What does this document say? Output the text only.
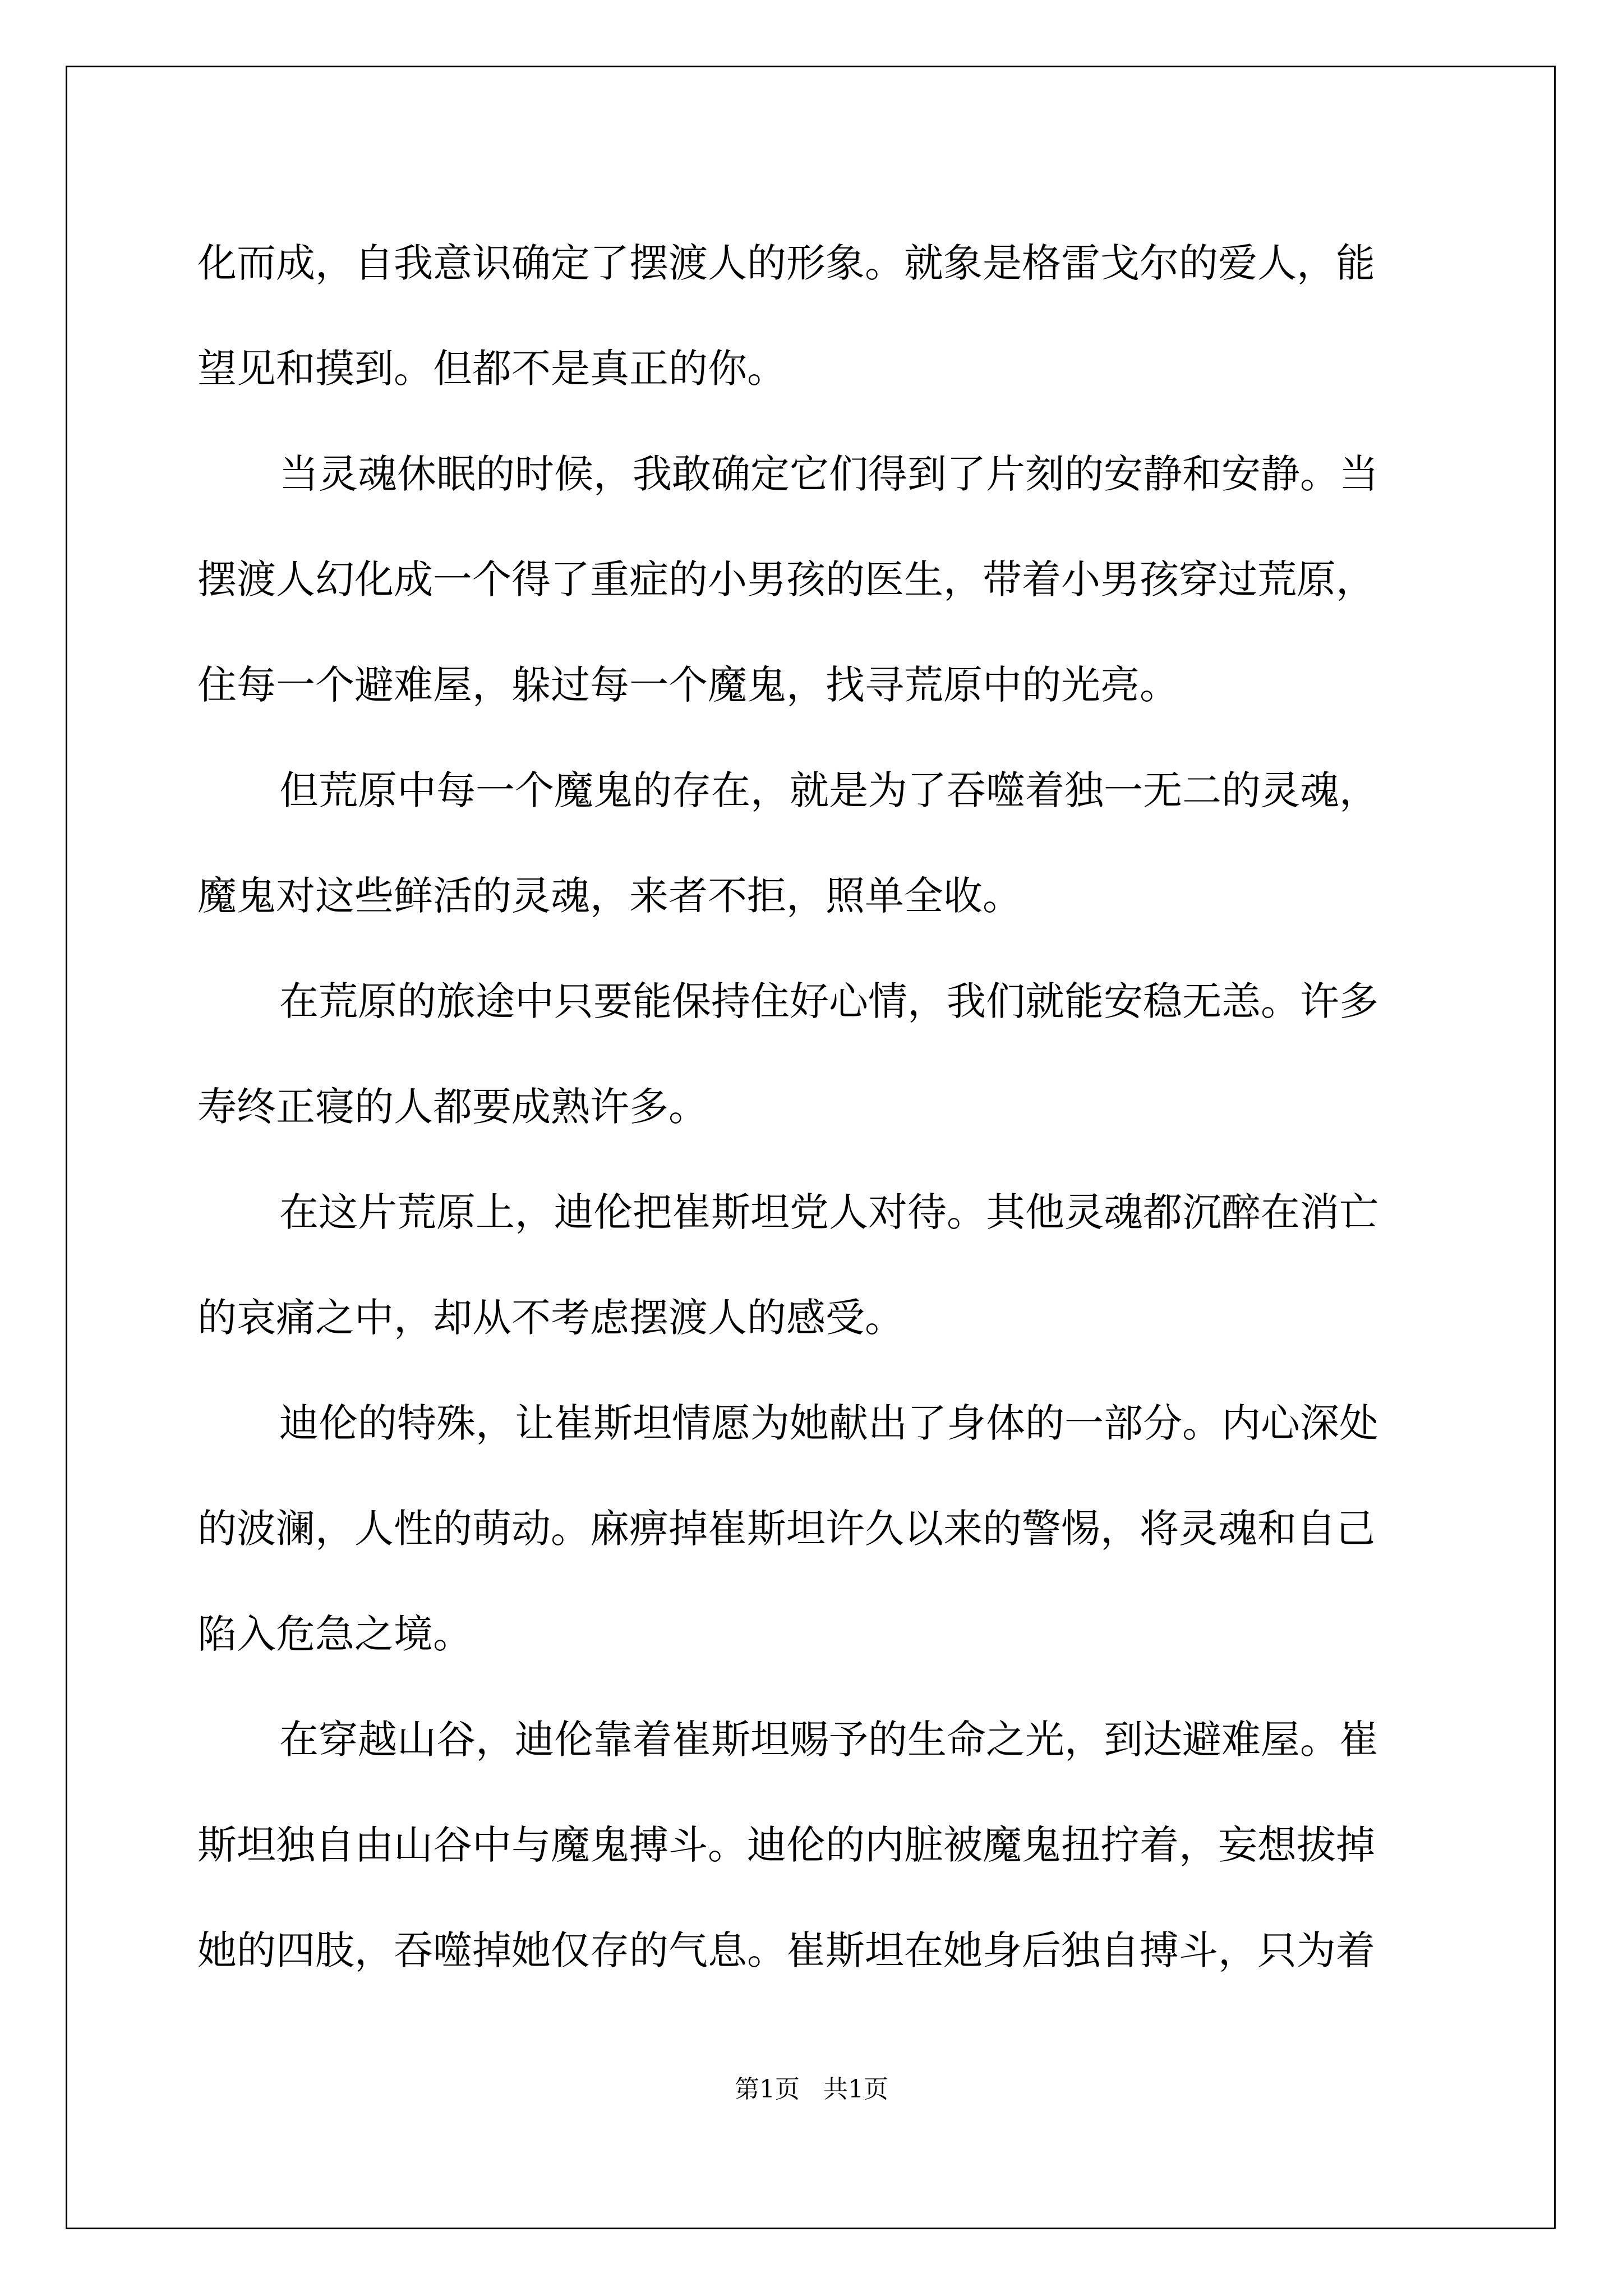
化而成，自我意识确定了摆渡人的形象。就象是格雷戈尔的爱人，能
望见和摸到。但都不是真正的你。
当灵魂休眠的时候，我敢确定它们得到了片刻的安静和安静。当
摆渡人幻化成一个得了重症的小男孩的医生，带着小男孩穿过荒原，
住每一个避难屋，躲过每一个魔鬼，找寻荒原中的光亮。
但荒原中每一个魔鬼的存在，就是为了吞噬着独一无二的灵魂，
魔鬼对这些鲜活的灵魂，来者不拒，照单全收。
在荒原的旅途中只要能保持住好心情，我们就能安稳无恙。许多
寿终正寝的人都要成熟许多。
在这片荒原上，迪伦把崔斯坦党人对待。其他灵魂都沉醉在消亡
的哀痛之中，却从不考虑摆渡人的感受。
迪伦的特殊，让崔斯坦情愿为她献出了身体的一部分。内心深处
的波澜，人性的萌动。麻痹掉崔斯坦许久以来的警惕，将灵魂和自己
陷入危急之境。
在穿越山谷，迪伦靠着崔斯坦赐予的生命之光，到达避难屋。崔
斯坦独自由山谷中与魔鬼搏斗。迪伦的内脏被魔鬼扭拧着，妄想拔掉
她的四肢，吞噬掉她仅存的气息。崔斯坦在她身后独自搏斗，只为着
第1页 共1页
